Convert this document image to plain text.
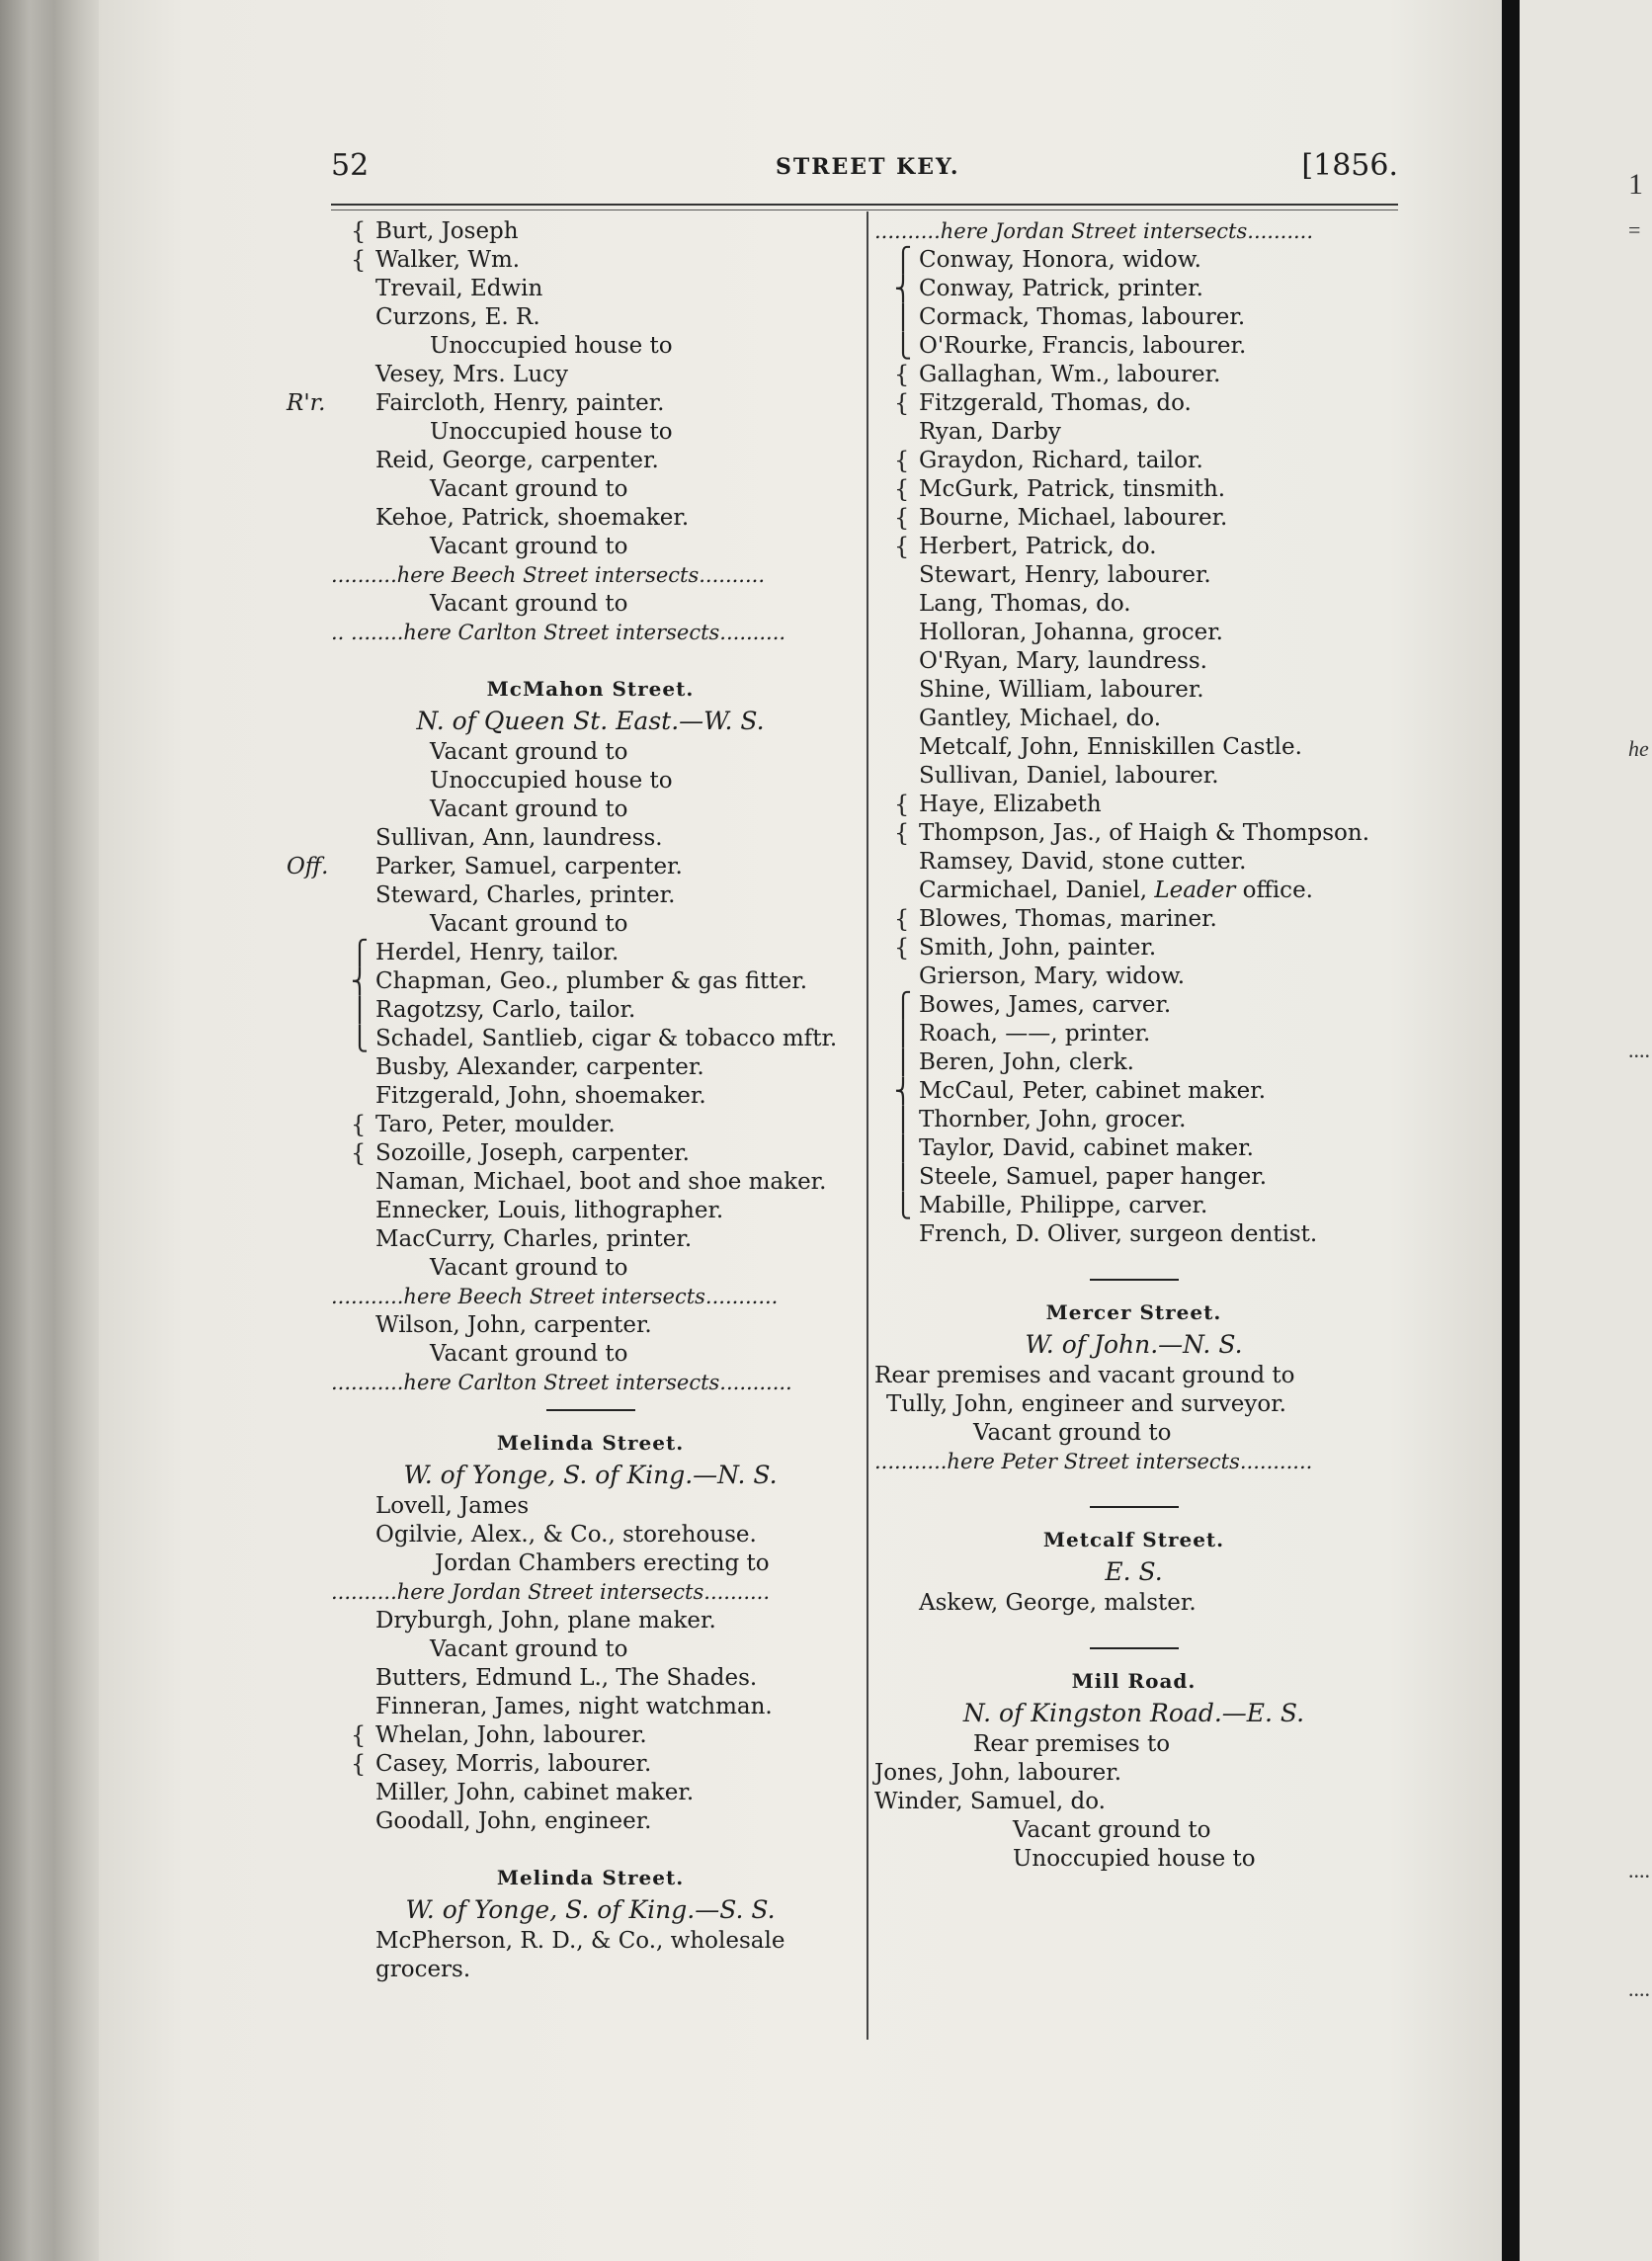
1
=
he
....
....
....
52	STREET KEY.	[1856.
{ Burt, Joseph
{ Walker, Wm.
Trevail, Edwin
Curzons, E. R.
Unoccupied house to
Vesey, Mrs. Lucy
R'r. Faircloth, Henry, painter.
Unoccupied house to
Reid, George, carpenter.
Vacant ground to
Kehoe, Patrick, shoemaker.
Vacant ground to
..........here Beech Street intersects..........
Vacant ground to
.. ........here Carlton Street intersects..........
McMahon Street.
N. of Queen St. East.—W. S.
Vacant ground to
Unoccupied house to
Vacant ground to
Sullivan, Ann, laundress.
Off. Parker, Samuel, carpenter.
Steward, Charles, printer.
Vacant ground to
⎧ Herdel, Henry, tailor.
⎨ Chapman, Geo., plumber & gas fitter.
⎪ Ragotzsy, Carlo, tailor.
⎩ Schadel, Santlieb, cigar & tobacco mftr.
Busby, Alexander, carpenter.
Fitzgerald, John, shoemaker.
{ Taro, Peter, moulder.
{ Sozoille, Joseph, carpenter.
Naman, Michael, boot and shoe maker.
Ennecker, Louis, lithographer.
MacCurry, Charles, printer.
Vacant ground to
...........here Beech Street intersects...........
Wilson, John, carpenter.
Vacant ground to
...........here Carlton Street intersects...........
Melinda Street.
W. of Yonge, S. of King.—N. S.
Lovell, James
Ogilvie, Alex., & Co., storehouse.
Jordan Chambers erecting to
..........here Jordan Street intersects..........
Dryburgh, John, plane maker.
Vacant ground to
Butters, Edmund L., The Shades.
Finneran, James, night watchman.
{ Whelan, John, labourer.
{ Casey, Morris, labourer.
Miller, John, cabinet maker.
Goodall, John, engineer.
Melinda Street.
W. of Yonge, S. of King.—S. S.
McPherson, R. D., & Co., wholesale
grocers.
..........here Jordan Street intersects..........
⎧ Conway, Honora, widow.
⎨ Conway, Patrick, printer.
⎪ Cormack, Thomas, labourer.
⎩ O'Rourke, Francis, labourer.
{ Gallaghan, Wm., labourer.
{ Fitzgerald, Thomas, do.
Ryan, Darby
{ Graydon, Richard, tailor.
{ McGurk, Patrick, tinsmith.
{ Bourne, Michael, labourer.
{ Herbert, Patrick, do.
Stewart, Henry, labourer.
Lang, Thomas, do.
Holloran, Johanna, grocer.
O'Ryan, Mary, laundress.
Shine, William, labourer.
Gantley, Michael, do.
Metcalf, John, Enniskillen Castle.
Sullivan, Daniel, labourer.
{ Haye, Elizabeth
{ Thompson, Jas., of Haigh & Thompson.
Ramsey, David, stone cutter.
Carmichael, Daniel, Leader office.
{ Blowes, Thomas, mariner.
{ Smith, John, painter.
Grierson, Mary, widow.
⎧ Bowes, James, carver.
⎪ Roach, ——, printer.
⎪ Beren, John, clerk.
⎨ McCaul, Peter, cabinet maker.
⎪ Thornber, John, grocer.
⎪ Taylor, David, cabinet maker.
⎪ Steele, Samuel, paper hanger.
⎩ Mabille, Philippe, carver.
French, D. Oliver, surgeon dentist.
Mercer Street.
W. of John.—N. S.
Rear premises and vacant ground to
Tully, John, engineer and surveyor.
Vacant ground to
...........here Peter Street intersects...........
Metcalf Street.
E. S.
Askew, George, malster.
Mill Road.
N. of Kingston Road.—E. S.
Rear premises to
Jones, John, labourer.
Winder, Samuel, do.
Vacant ground to
Unoccupied house to
